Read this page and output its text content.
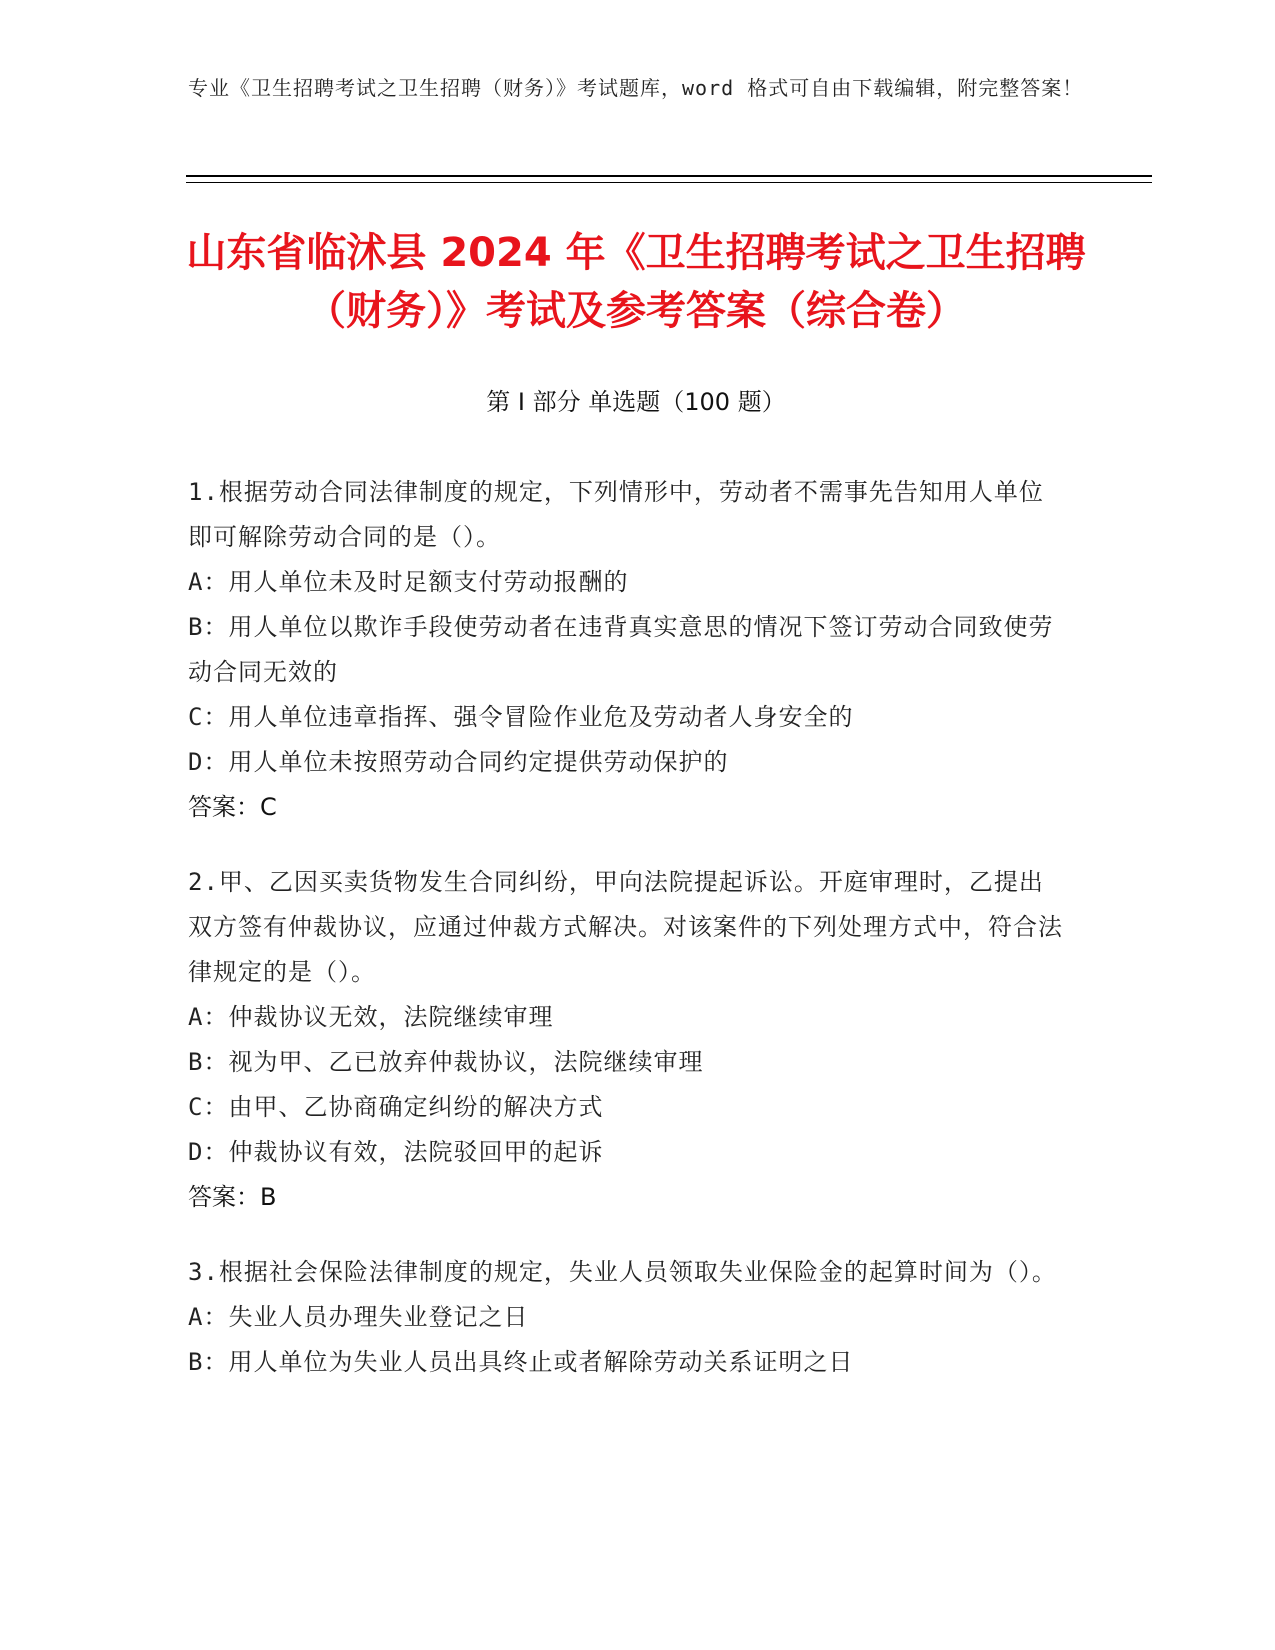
专业《卫生招聘考试之卫生招聘（财务）》考试题库，word 格式可自由下载编辑，附完整答案！
山东省临沭县 2024 年《卫生招聘考试之卫生招聘（财务）》考试及参考答案（综合卷）
第 I 部分 单选题（100 题）

1.根据劳动合同法律制度的规定，下列情形中，劳动者不需事先告知用人单位即可解除劳动合同的是（）。

A：用人单位未及时足额支付劳动报酬的

B：用人单位以欺诈手段使劳动者在违背真实意思的情况下签订劳动合同致使劳动合同无效的

C：用人单位违章指挥、强令冒险作业危及劳动者人身安全的

D：用人单位未按照劳动合同约定提供劳动保护的

答案：C

2.甲、乙因买卖货物发生合同纠纷，甲向法院提起诉讼。开庭审理时，乙提出双方签有仲裁协议，应通过仲裁方式解决。对该案件的下列处理方式中，符合法律规定的是（）。

A：仲裁协议无效，法院继续审理

B：视为甲、乙已放弃仲裁协议，法院继续审理

C：由甲、乙协商确定纠纷的解决方式

D：仲裁协议有效，法院驳回甲的起诉

答案：B

3.根据社会保险法律制度的规定，失业人员领取失业保险金的起算时间为（）。

A：失业人员办理失业登记之日

B：用人单位为失业人员出具终止或者解除劳动关系证明之日
